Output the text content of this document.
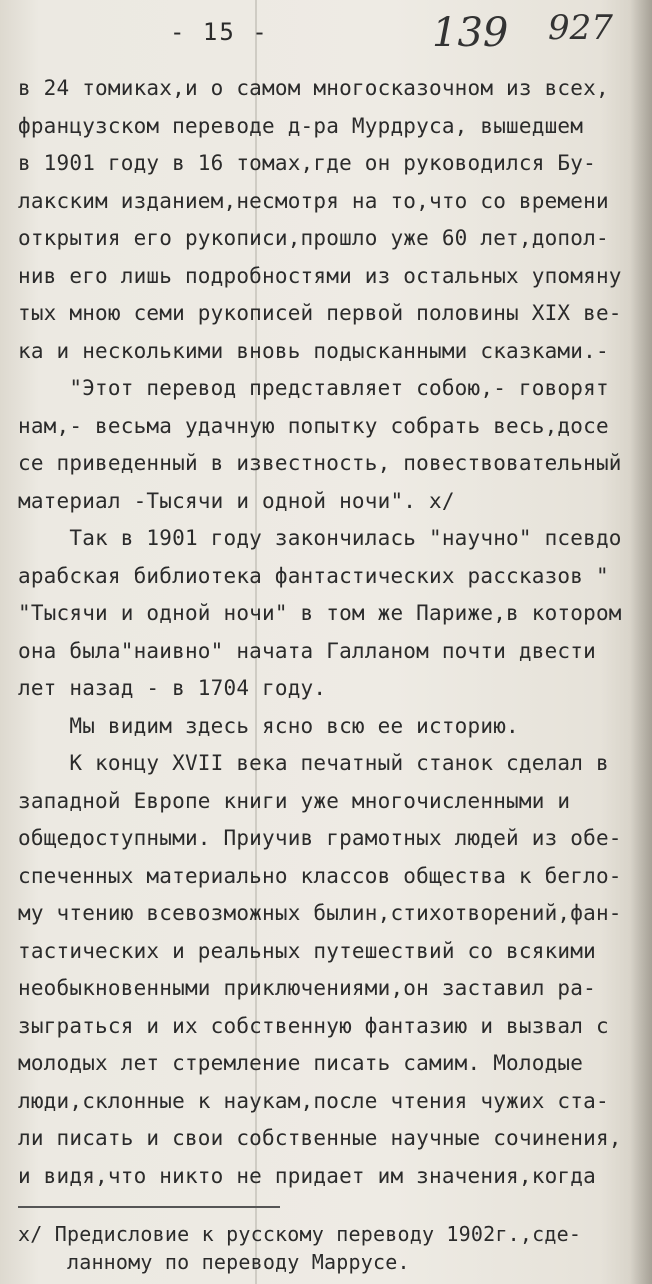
- 15 -	139 927
в 24 томиках,и о самом многосказочном из всех,
французском переводе д-ра Мурдруса, вышедшем
в 1901 году в 16 томах,где он руководился Бу-
лакским изданием,несмотря на то,что со времени
открытия его рукописи,прошло уже 60 лет,допол-
нив его лишь подробностями из остальных упомяну
тых мною семи рукописей первой половины XIX ве-
ка и несколькими вновь подысканными сказками.-
"Этот перевод представляет собою,- говорят
нам,- весьма удачную попытку собрать весь,досе
се приведенный в известность, повествовательный
материал -Тысячи и одной ночи". x/
Так в 1901 году закончилась "научно" псевдо
арабская библиотека фантастических рассказов "
"Тысячи и одной ночи" в том же Париже,в котором
она была"наивно" начата Галланом почти двести
лет назад - в 1704 году.
Мы видим здесь ясно всю ее историю.
К концу XVII века печатный станок сделал в
западной Европе книги уже многочисленными и
общедоступными. Приучив грамотных людей из обе-
спеченных материально классов общества к бегло-
му чтению всевозможных былин,стихотворений,фан-
тастических и реальных путешествий со всякими
необыкновенными приключениями,он заставил ра-
зыграться и их собственную фантазию и вызвал с
молодых лет стремление писать самим. Молодые
люди,склонные к наукам,после чтения чужих ста-
ли писать и свои собственные научные сочинения,
и видя,что никто не придает им значения,когда
x/ Предисловие к русскому переводу 1902г.,сде-
ланному по переводу Маррусе.
